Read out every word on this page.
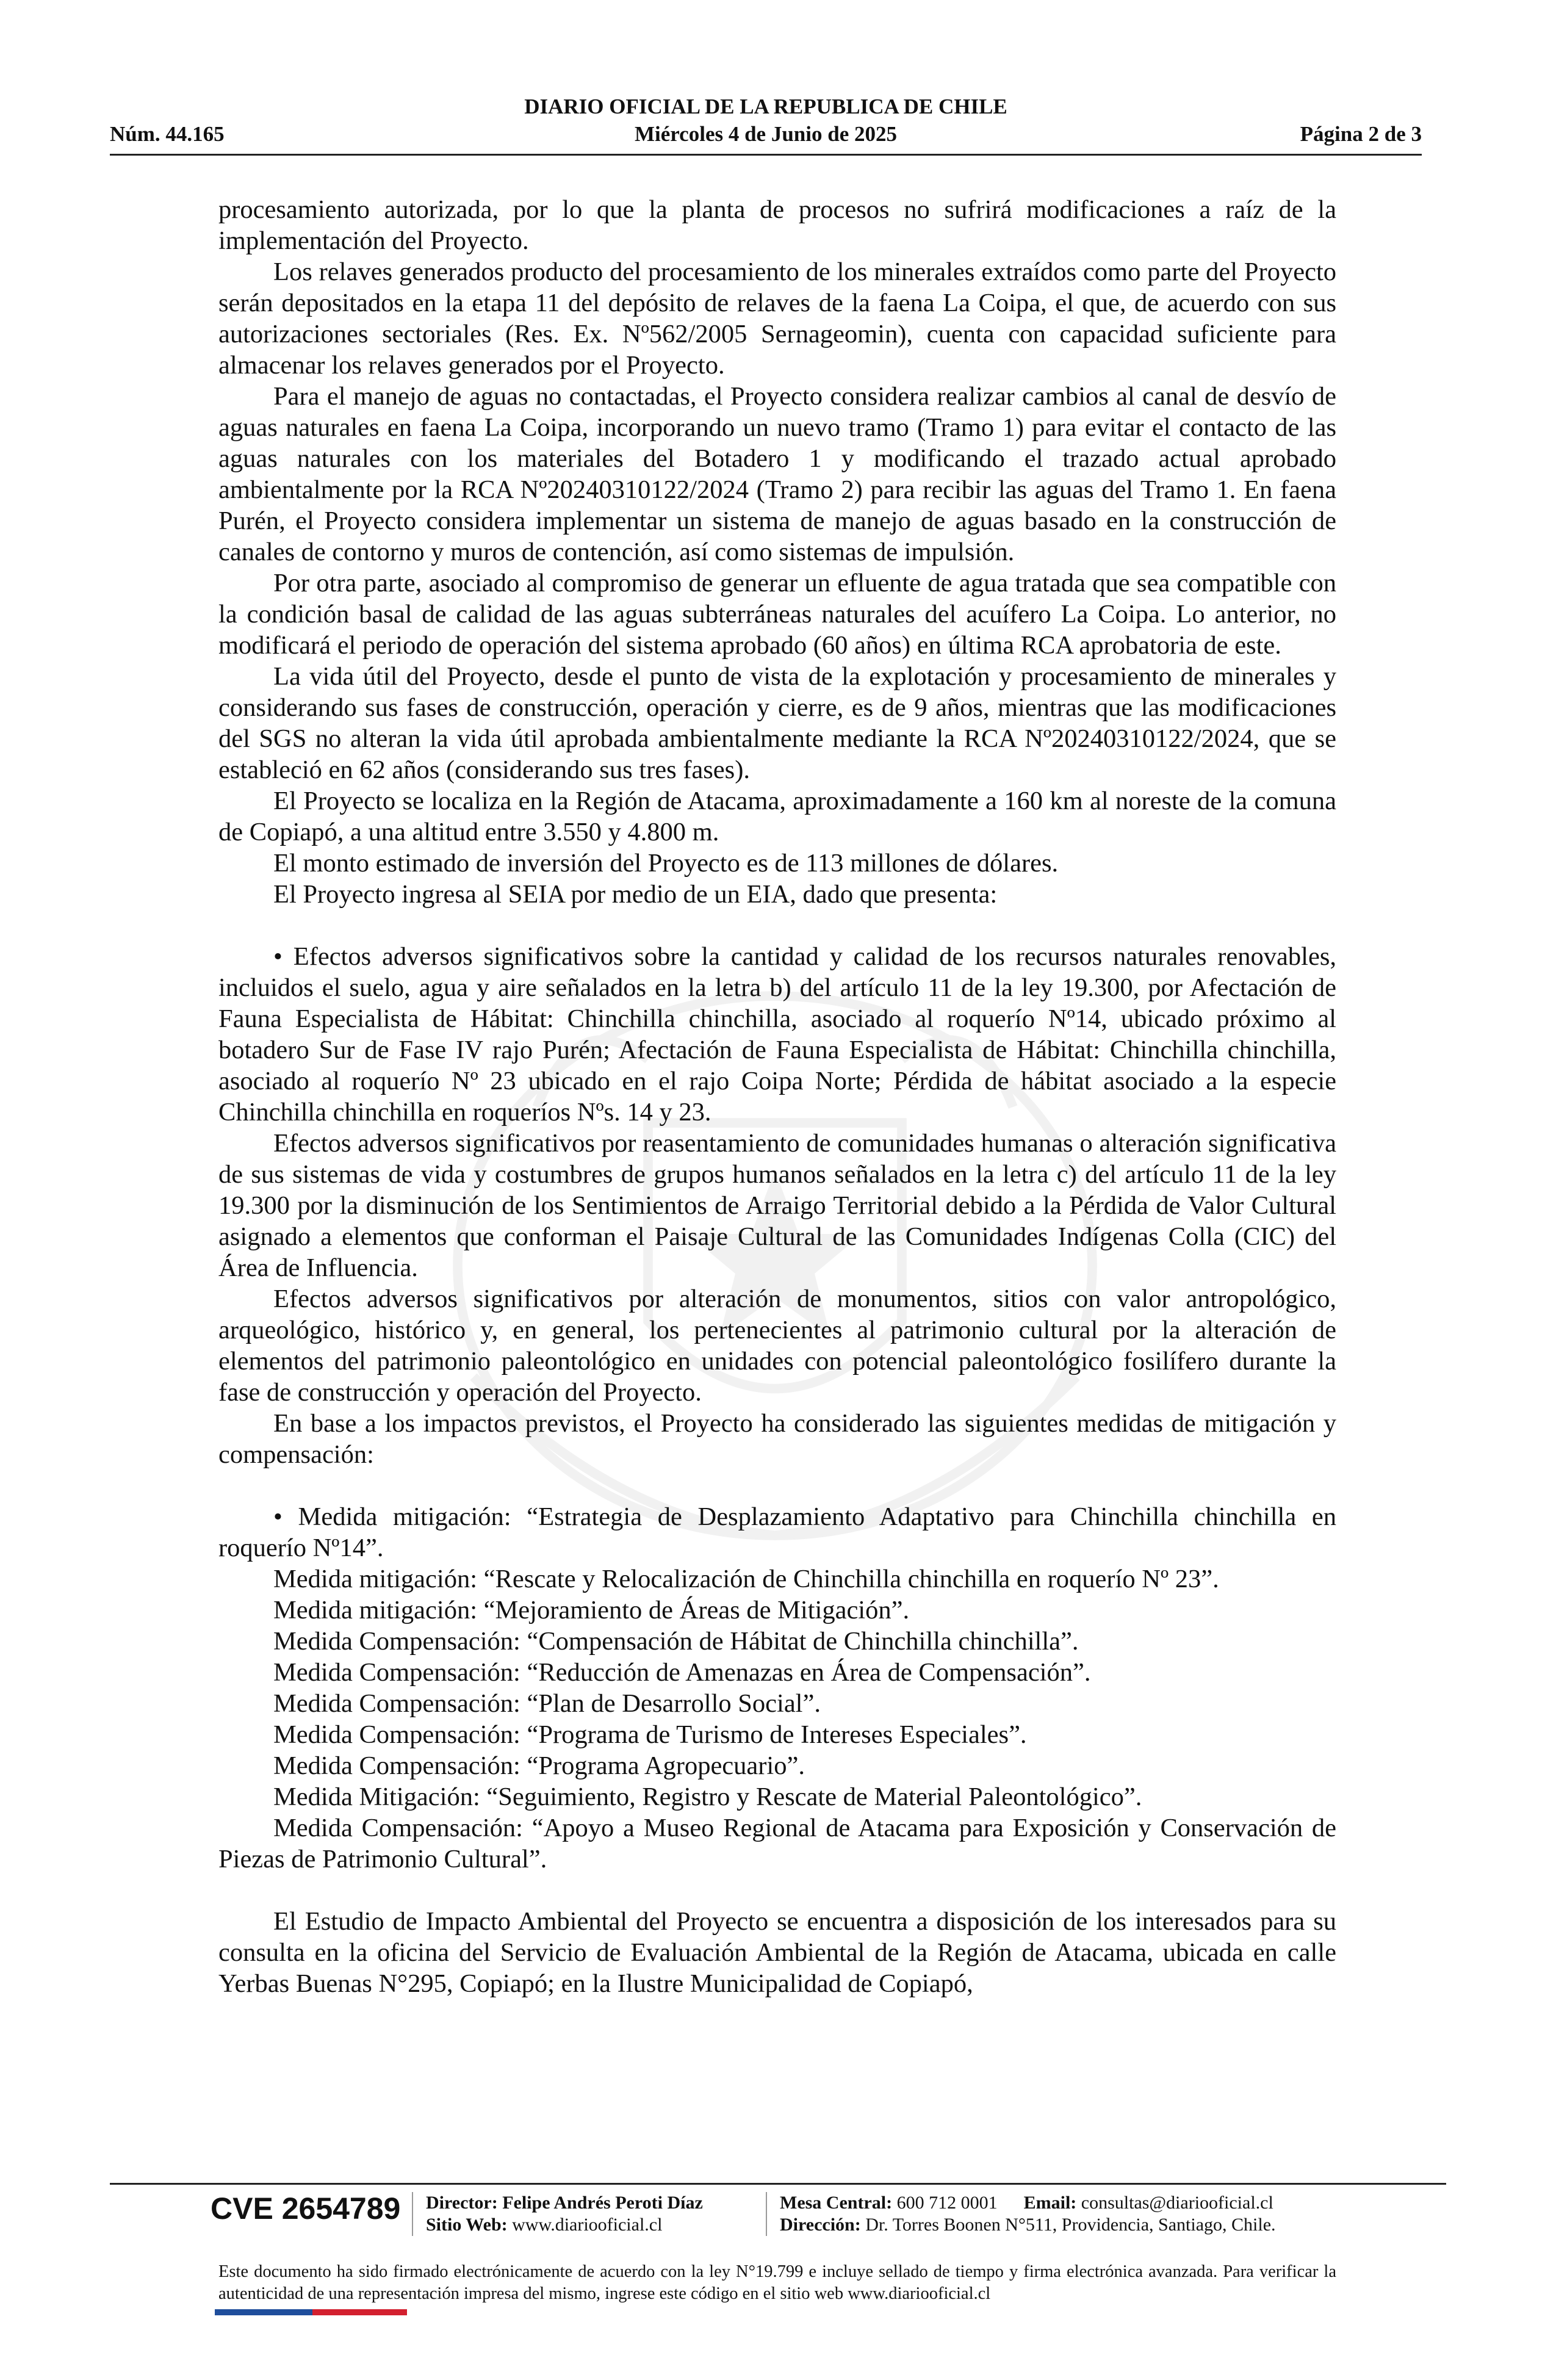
DIARIO OFICIAL DE LA REPUBLICA DE CHILE
Núm. 44.165	Miércoles 4 de Junio de 2025	Página 2 de 3

procesamiento autorizada, por lo que la planta de procesos no sufrirá modificaciones a raíz de la implementación del Proyecto.

Los relaves generados producto del procesamiento de los minerales extraídos como parte del Proyecto serán depositados en la etapa 11 del depósito de relaves de la faena La Coipa, el que, de acuerdo con sus autorizaciones sectoriales (Res. Ex. Nº562/2005 Sernageomin), cuenta con capacidad suficiente para almacenar los relaves generados por el Proyecto.

Para el manejo de aguas no contactadas, el Proyecto considera realizar cambios al canal de desvío de aguas naturales en faena La Coipa, incorporando un nuevo tramo (Tramo 1) para evitar el contacto de las aguas naturales con los materiales del Botadero 1 y modificando el trazado actual aprobado ambientalmente por la RCA Nº20240310122/2024 (Tramo 2) para recibir las aguas del Tramo 1. En faena Purén, el Proyecto considera implementar un sistema de manejo de aguas basado en la construcción de canales de contorno y muros de contención, así como sistemas de impulsión.

Por otra parte, asociado al compromiso de generar un efluente de agua tratada que sea compatible con la condición basal de calidad de las aguas subterráneas naturales del acuífero La Coipa. Lo anterior, no modificará el periodo de operación del sistema aprobado (60 años) en última RCA aprobatoria de este.

La vida útil del Proyecto, desde el punto de vista de la explotación y procesamiento de minerales y considerando sus fases de construcción, operación y cierre, es de 9 años, mientras que las modificaciones del SGS no alteran la vida útil aprobada ambientalmente mediante la RCA Nº20240310122/2024, que se estableció en 62 años (considerando sus tres fases).

El Proyecto se localiza en la Región de Atacama, aproximadamente a 160 km al noreste de la comuna de Copiapó, a una altitud entre 3.550 y 4.800 m.

El monto estimado de inversión del Proyecto es de 113 millones de dólares.

El Proyecto ingresa al SEIA por medio de un EIA, dado que presenta:

• Efectos adversos significativos sobre la cantidad y calidad de los recursos naturales renovables, incluidos el suelo, agua y aire señalados en la letra b) del artículo 11 de la ley 19.300, por Afectación de Fauna Especialista de Hábitat: Chinchilla chinchilla, asociado al roquerío Nº14, ubicado próximo al botadero Sur de Fase IV rajo Purén; Afectación de Fauna Especialista de Hábitat: Chinchilla chinchilla, asociado al roquerío Nº 23 ubicado en el rajo Coipa Norte; Pérdida de hábitat asociado a la especie Chinchilla chinchilla en roqueríos Nºs. 14 y 23.

Efectos adversos significativos por reasentamiento de comunidades humanas o alteración significativa de sus sistemas de vida y costumbres de grupos humanos señalados en la letra c) del artículo 11 de la ley 19.300 por la disminución de los Sentimientos de Arraigo Territorial debido a la Pérdida de Valor Cultural asignado a elementos que conforman el Paisaje Cultural de las Comunidades Indígenas Colla (CIC) del Área de Influencia.

Efectos adversos significativos por alteración de monumentos, sitios con valor antropológico, arqueológico, histórico y, en general, los pertenecientes al patrimonio cultural por la alteración de elementos del patrimonio paleontológico en unidades con potencial paleontológico fosilífero durante la fase de construcción y operación del Proyecto.

En base a los impactos previstos, el Proyecto ha considerado las siguientes medidas de mitigación y compensación:

• Medida mitigación: “Estrategia de Desplazamiento Adaptativo para Chinchilla chinchilla en roquerío Nº14”.

Medida mitigación: “Rescate y Relocalización de Chinchilla chinchilla en roquerío Nº 23”.

Medida mitigación: “Mejoramiento de Áreas de Mitigación”.

Medida Compensación: “Compensación de Hábitat de Chinchilla chinchilla”.

Medida Compensación: “Reducción de Amenazas en Área de Compensación”.

Medida Compensación: “Plan de Desarrollo Social”.

Medida Compensación: “Programa de Turismo de Intereses Especiales”.

Medida Compensación: “Programa Agropecuario”.

Medida Mitigación: “Seguimiento, Registro y Rescate de Material Paleontológico”.

Medida Compensación: “Apoyo a Museo Regional de Atacama para Exposición y Conservación de Piezas de Patrimonio Cultural”.

El Estudio de Impacto Ambiental del Proyecto se encuentra a disposición de los interesados para su consulta en la oficina del Servicio de Evaluación Ambiental de la Región de Atacama, ubicada en calle Yerbas Buenas N°295, Copiapó; en la Ilustre Municipalidad de Copiapó,

CVE 2654789 Director: Felipe Andrés Peroti Díaz
Sitio Web: www.diariooficial.cl
Mesa Central: 600 712 0001 Email: consultas@diariooficial.cl
Dirección: Dr. Torres Boonen N°511, Providencia, Santiago, Chile.
Este documento ha sido firmado electrónicamente de acuerdo con la ley N°19.799 e incluye sellado de tiempo y firma electrónica avanzada. Para verificar la autenticidad de una representación impresa del mismo, ingrese este código en el sitio web www.diariooficial.cl
